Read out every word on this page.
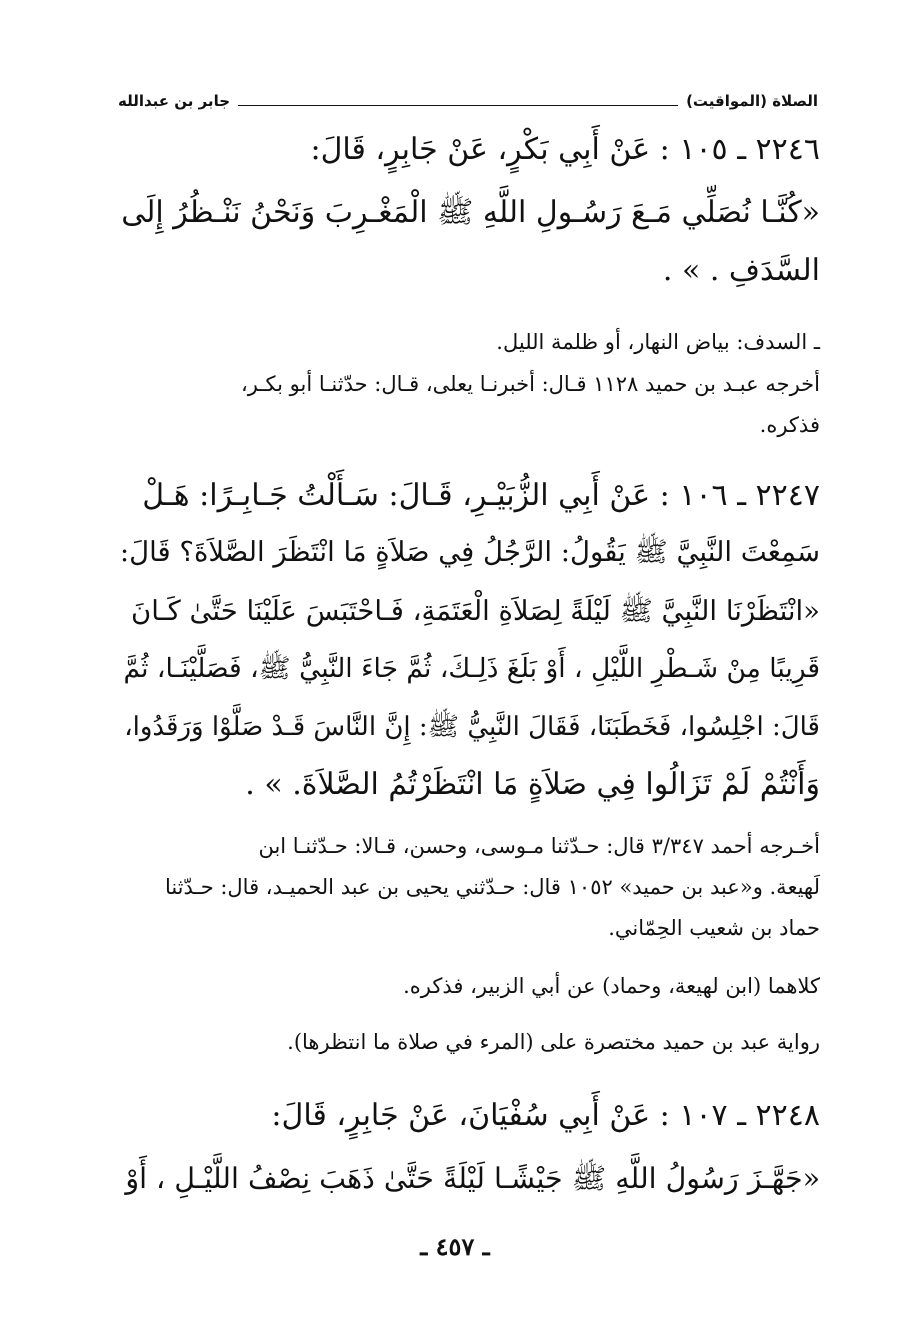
الصلاة (المواقيت)
جابر بن عبدالله
٢٢٤٦ ـ ١٠٥ : عَنْ أَبِي بَكْرٍ، عَنْ جَابِرٍ، قَالَ:
«كُنَّـا نُصَلِّي مَـعَ رَسُـولِ اللَّهِ ﷺ الْمَغْـرِبَ وَنَحْنُ نَنْـظُرُ إِلَى
السَّدَفِ . » .
ـ السدف: بياض النهار، أو ظلمة الليل.
أخرجه عبـد بن حميد ١١٢٨ قـال: أخبرنـا يعلى، قـال: حدّثنـا أبو بكـر،
فذكره.
٢٢٤٧ ـ ١٠٦ : عَنْ أَبِي الزُّبَيْـرِ، قَـالَ: سَـأَلْتُ جَـابِـرًا: هَـلْ
سَمِعْتَ النَّبِيَّ ﷺ يَقُولُ: الرَّجُلُ فِي صَلاَةٍ مَا انْتَظَرَ الصَّلاَةَ؟ قَالَ:
«انْتَظَرْنَا النَّبِيَّ ﷺ لَيْلَةً لِصَلاَةِ الْعَتَمَةِ، فَـاحْتَبَسَ عَلَيْنَا حَتَّىٰ كَـانَ
قَرِيبًا مِنْ شَـطْرِ اللَّيْلِ ، أَوْ بَلَغَ ذَلِـكَ، ثُمَّ جَاءَ النَّبِيُّ ﷺ، فَصَلَّيْنَـا، ثُمَّ
قَالَ: اجْلِسُوا، فَخَطَبَنَا، فَقَالَ النَّبِيُّ ﷺ: إِنَّ النَّاسَ قَـدْ صَلَّوْا وَرَقَدُوا،
وَأَنْتُمْ لَمْ تَزَالُوا فِي صَلاَةٍ مَا انْتَظَرْتُمُ الصَّلاَةَ. » .
أخـرجه أحمد ٣/٣٤٧ قال: حـدّثنا مـوسى، وحسن، قـالا: حـدّثنـا ابن
لَهيعة. و«عبد بن حميد» ١٠٥٢ قال: حـدّثني يحيى بن عبد الحميـد، قال: حـدّثنا
حماد بن شعيب الحِمّاني.
كلاهما (ابن لهيعة، وحماد) عن أبي الزبير، فذكره.
رواية عبد بن حميد مختصرة على (المرء في صلاة ما انتظرها).
٢٢٤٨ ـ ١٠٧ : عَنْ أَبِي سُفْيَانَ، عَنْ جَابِرٍ، قَالَ:
«جَهَّـزَ رَسُولُ اللَّهِ ﷺ جَيْشًـا لَيْلَةً حَتَّىٰ ذَهَبَ نِصْفُ اللَّيْـلِ ، أَوْ
ـ ٤٥٧ ـ
